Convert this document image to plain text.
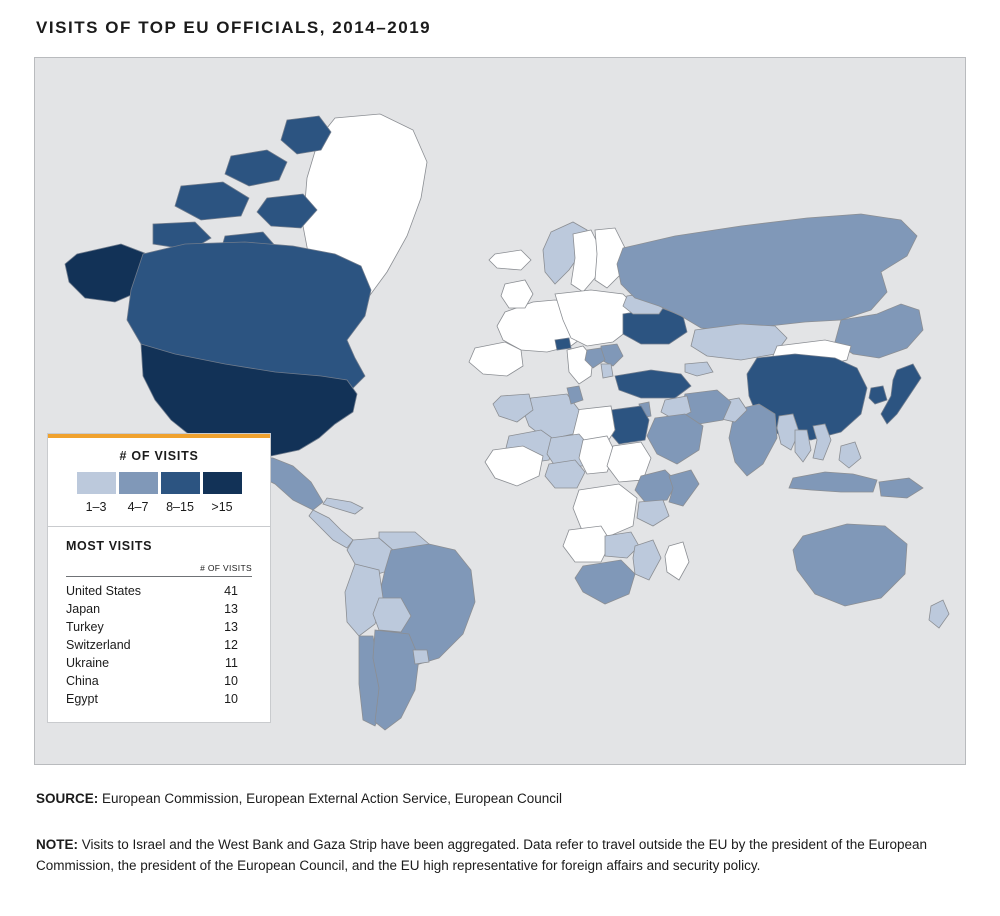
VISITS OF TOP EU OFFICIALS, 2014–2019
# OF VISITS
1–3	4–7	8–15	>15
MOST VISITS
# OF VISITS
United States	41
Japan	13
Turkey	13
Switzerland	12
Ukraine	11
China	10
Egypt	10
SOURCE: European Commission, European External Action Service, European Council
NOTE: Visits to Israel and the West Bank and Gaza Strip have been aggregated. Data refer to travel outside the EU by the president of the European Commission, the president of the European Council, and the EU high representative for foreign affairs and security policy.
